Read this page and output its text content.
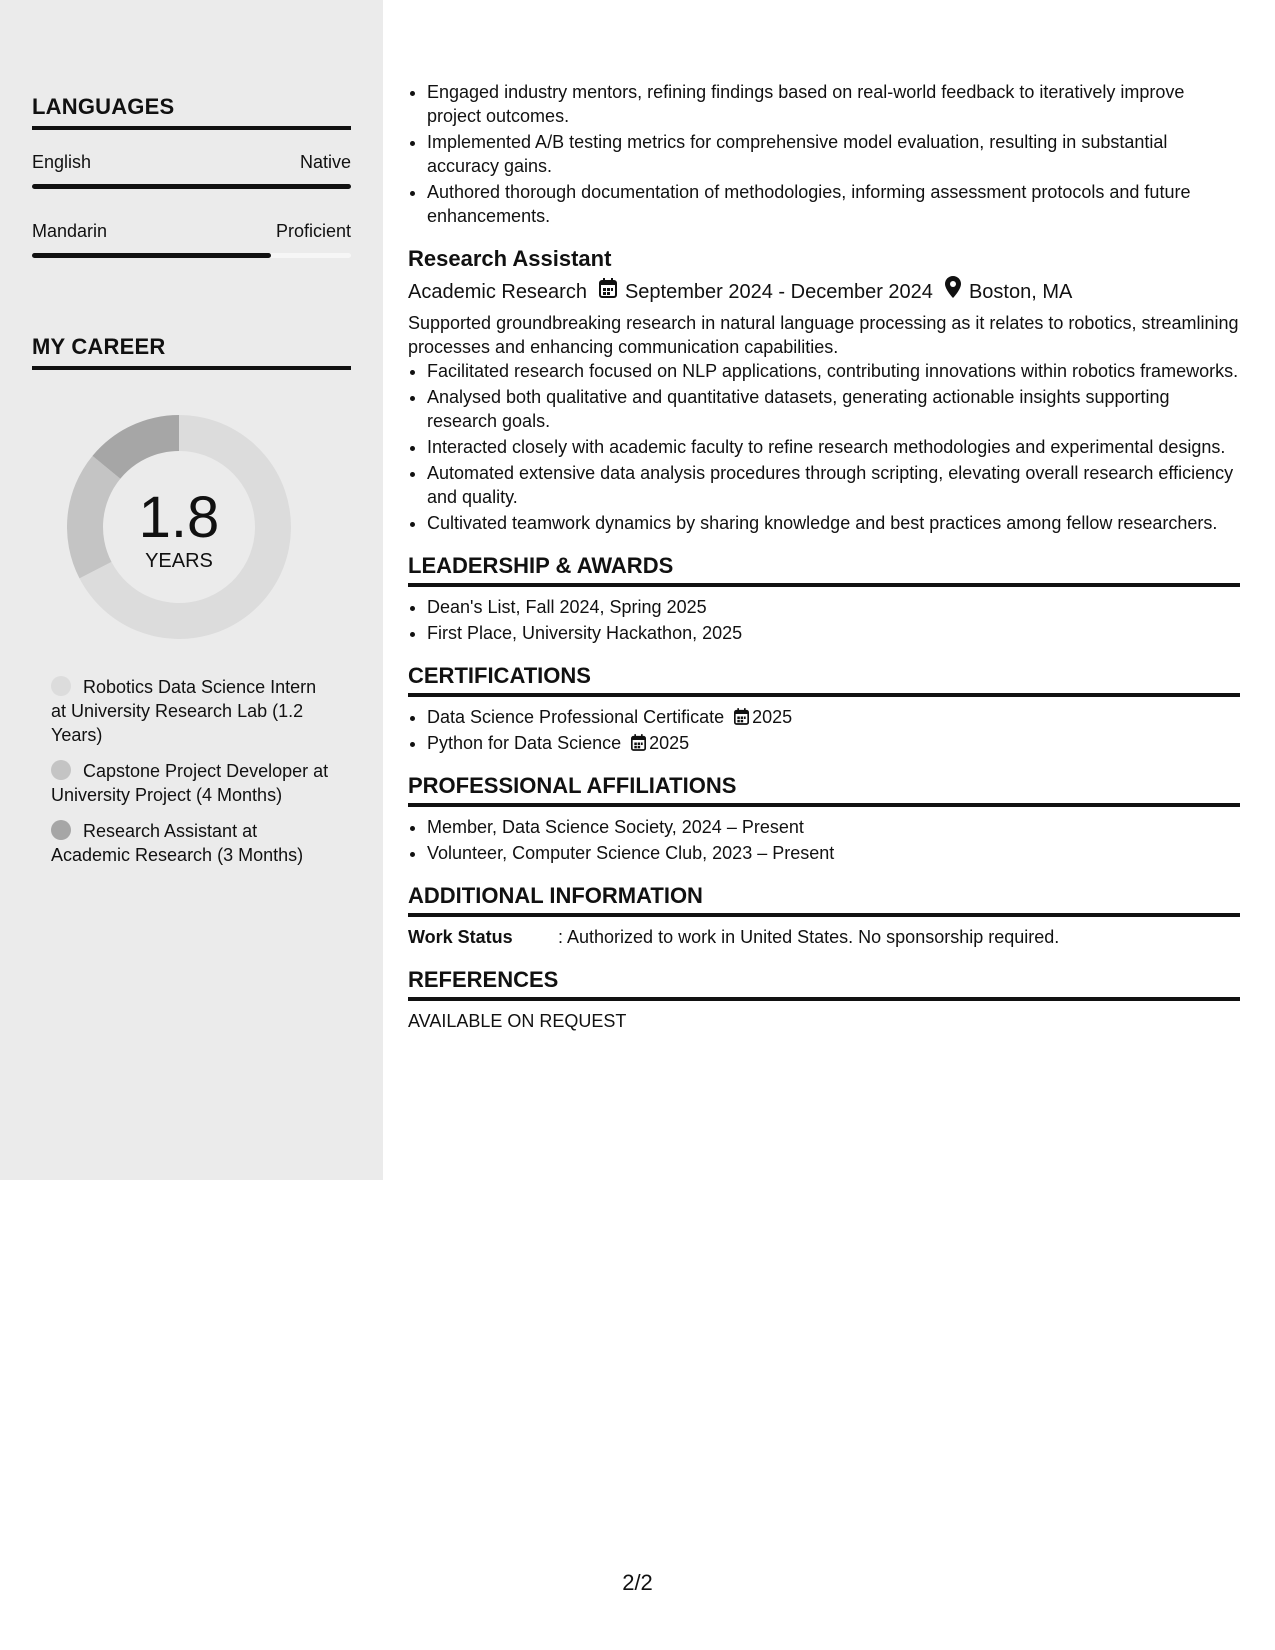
LANGUAGES
English	Native
Mandarin	Proficient
MY CAREER
1.8
YEARS
Robotics Data Science Intern at University Research Lab (1.2 Years)
Capstone Project Developer at University Project (4 Months)
Research Assistant at Academic Research (3 Months)
• Engaged industry mentors, refining findings based on real-world feedback to iteratively improve project outcomes.
• Implemented A/B testing metrics for comprehensive model evaluation, resulting in substantial accuracy gains.
• Authored thorough documentation of methodologies, informing assessment protocols and future enhancements.
Research Assistant
Academic Research September 2024 - December 2024 Boston, MA
Supported groundbreaking research in natural language processing as it relates to robotics, streamlining processes and enhancing communication capabilities.
• Facilitated research focused on NLP applications, contributing innovations within robotics frameworks.
• Analysed both qualitative and quantitative datasets, generating actionable insights supporting research goals.
• Interacted closely with academic faculty to refine research methodologies and experimental designs.
• Automated extensive data analysis procedures through scripting, elevating overall research efficiency and quality.
• Cultivated teamwork dynamics by sharing knowledge and best practices among fellow researchers.
LEADERSHIP & AWARDS
• Dean's List, Fall 2024, Spring 2025
• First Place, University Hackathon, 2025
CERTIFICATIONS
• Data Science Professional Certificate 2025
• Python for Data Science 2025
PROFESSIONAL AFFILIATIONS
• Member, Data Science Society, 2024 – Present
• Volunteer, Computer Science Club, 2023 – Present
ADDITIONAL INFORMATION
Work Status	: Authorized to work in United States. No sponsorship required.
REFERENCES
AVAILABLE ON REQUEST
2/2
